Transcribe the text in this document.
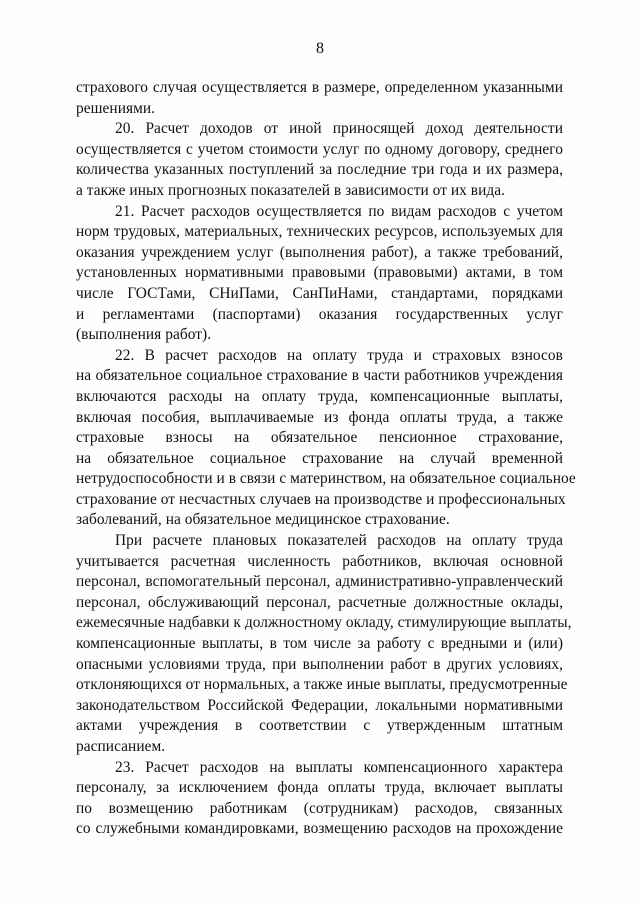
8
страхового случая осуществляется в размере, определенном указанными
решениями.
20. Расчет доходов от иной приносящей доход деятельности
осуществляется с учетом стоимости услуг по одному договору, среднего
количества указанных поступлений за последние три года и их размера,
а также иных прогнозных показателей в зависимости от их вида.
21. Расчет расходов осуществляется по видам расходов с учетом
норм трудовых, материальных, технических ресурсов, используемых для
оказания учреждением услуг (выполнения работ), а также требований,
установленных нормативными правовыми (правовыми) актами, в том
числе ГОСТами, СНиПами, СанПиНами, стандартами, порядками
и регламентами (паспортами) оказания государственных услуг
(выполнения работ).
22. В расчет расходов на оплату труда и страховых взносов
на обязательное социальное страхование в части работников учреждения
включаются расходы на оплату труда, компенсационные выплаты,
включая пособия, выплачиваемые из фонда оплаты труда, а также
страховые взносы на обязательное пенсионное страхование,
на обязательное социальное страхование на случай временной
нетрудоспособности и в связи с материнством, на обязательное социальное
страхование от несчастных случаев на производстве и профессиональных
заболеваний, на обязательное медицинское страхование.
При расчете плановых показателей расходов на оплату труда
учитывается расчетная численность работников, включая основной
персонал, вспомогательный персонал, административно-управленческий
персонал, обслуживающий персонал, расчетные должностные оклады,
ежемесячные надбавки к должностному окладу, стимулирующие выплаты,
компенсационные выплаты, в том числе за работу с вредными и (или)
опасными условиями труда, при выполнении работ в других условиях,
отклоняющихся от нормальных, а также иные выплаты, предусмотренные
законодательством Российской Федерации, локальными нормативными
актами учреждения в соответствии с утвержденным штатным
расписанием.
23. Расчет расходов на выплаты компенсационного характера
персоналу, за исключением фонда оплаты труда, включает выплаты
по возмещению работникам (сотрудникам) расходов, связанных
со служебными командировками, возмещению расходов на прохождение
